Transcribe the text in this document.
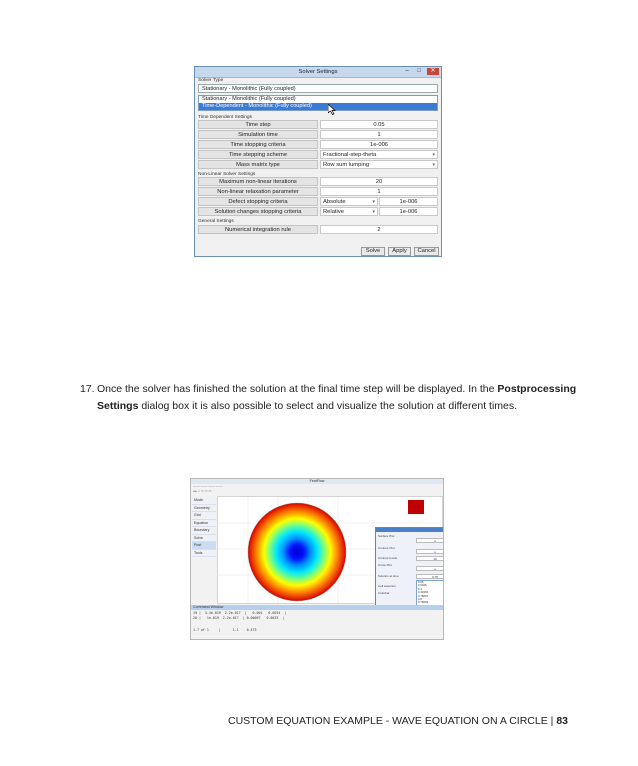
Solver Settings	–	□	✕
Solver Type
Stationary - Monolithic (Fully coupled)
Stationary - Monolithic (Fully coupled)
Time-Dependent - Monolithic (Fully coupled)
Time Dependent Settings
Time step	0.05
Simulation time	1
Time stopping criteria	1e-006
Time stepping scheme	Fractional-step-theta ▾
Mass matrix type	Row sum lumping ▾
Non-Linear Solver Settings
Maximum non-linear iterations	20
Non-linear relaxation parameter	1
Defect stopping criteria	Absolute ▾	1e-006
Solution changes stopping criteria	Relative ▾	1e-006
General Settings
Numerical integration rule	2
Solve	Apply	Cancel
17. Once the solver has finished the solution at the final time step will be displayed. In the Postprocessing Settings dialog box it is also possible to select and visualize the solution at different times.
FeatFlow
─── ─── ─── ───
◂ ▸ ⌂ ▭ ▭ ▭
Mode
Geometry
Grid
Equation
Boundary
Solve
Post
Tools
Surface Plot
u
Contour Plot
u
Contour levels	10
Arrow Plot
u
Solution at time	0.75
Cell selection
Colorbar
0.05
0.0025
0.1
0.44963
0.78067
0.8
0.78063
Command Window
19 |  3.4e-019  2.2e-017  |   0.001   0.0034  |
20 |   1e-019  2.2e-017  | 0.00097   0.0033  |
1.7 of 1     |      1.1    0.473
CUSTOM EQUATION EXAMPLE - WAVE EQUATION ON A CIRCLE | 83
